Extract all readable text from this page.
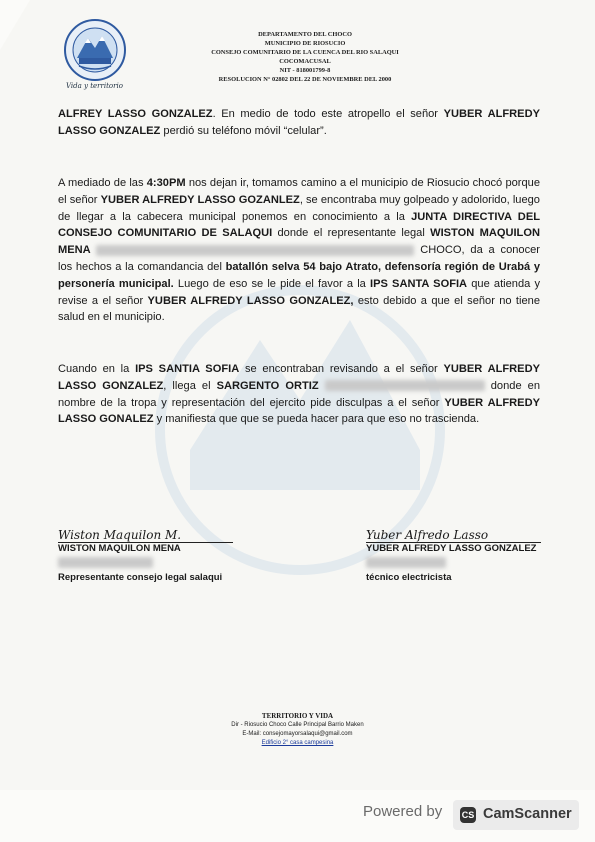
Vida y territorio
DEPARTAMENTO DEL CHOCO
MUNICIPIO DE RIOSUCIO
CONSEJO COMUNITARIO DE LA CUENCA DEL RIO SALAQUI
COCOMACUSAL
NIT - 818001799-8
RESOLUCION N° 02802 DEL 22 DE NOVIEMBRE DEL 2000
ALFREY LASSO GONZALEZ. En medio de todo este atropello el señor YUBER ALFREDY LASSO GONZALEZ perdió su teléfono móvil “celular”.
A mediado de las 4:30PM nos dejan ir, tomamos camino a el municipio de Riosucio chocó porque el señor YUBER ALFREDY LASSO GOZANLEZ, se encontraba muy golpeado y adolorido, luego de llegar a la cabecera municipal ponemos en conocimiento a la JUNTA DIRECTIVA DEL CONSEJO COMUNITARIO DE SALAQUI donde el representante legal WISTON MAQUILON MENA	CHOCO, da a conocer los hechos a la comandancia del batallón selva 54 bajo Atrato, defensoría región de Urabá y personería municipal. Luego de eso se le pide el favor a la IPS SANTA SOFIA que atienda y revise a el señor YUBER ALFREDY LASSO GONZALEZ, esto debido a que el señor no tiene salud en el municipio.
Cuando en la IPS SANTIA SOFIA se encontraban revisando a el señor YUBER ALFREDY LASSO GONZALEZ, llega el SARGENTO ORTIZ	donde en nombre de la tropa y representación del ejercito pide disculpas a el señor YUBER ALFREDY LASSO GONALEZ y manifiesta que que se pueda hacer para que eso no trascienda.
Wiston Maquilon M.
WISTON MAQUILON MENA
Representante consejo legal salaqui
Yuber Alfredo Lasso
YUBER ALFREDY LASSO GONZALEZ
técnico electricista
TERRITORIO Y VIDA
Dir - Riosucio Choco Calle Principal Barrio Maken
E-Mail: consejomayorsalaqui@gmail.com
Edificio 2° casa campesina
Powered by CS CamScanner
